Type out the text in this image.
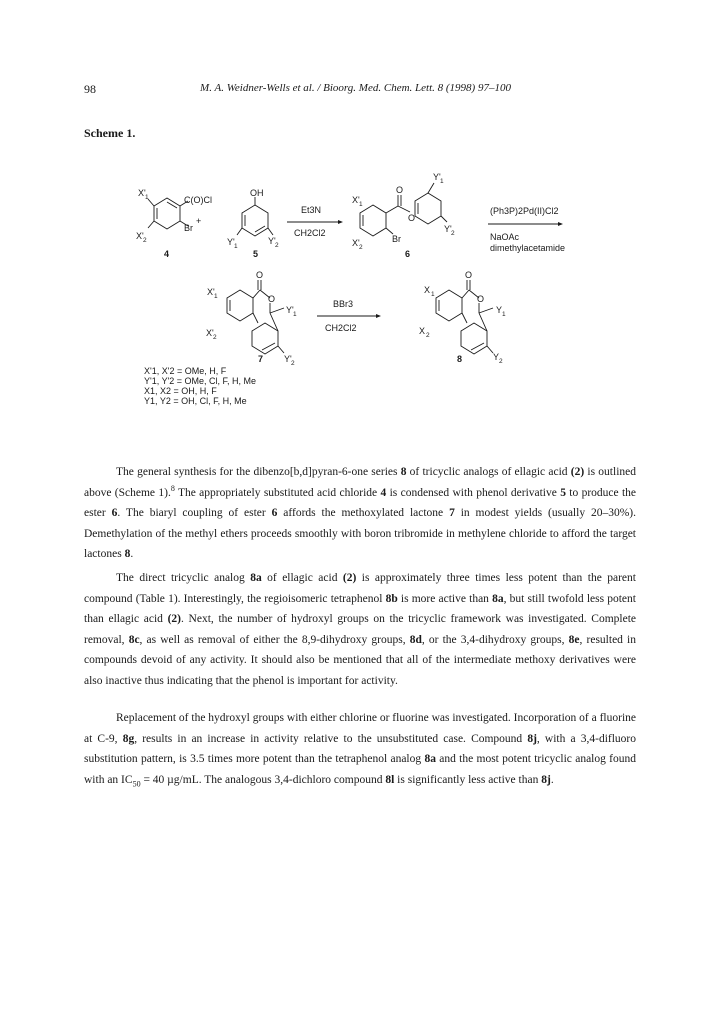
98	M. A. Weidner-Wells et al. / Bioorg. Med. Chem. Lett. 8 (1998) 97–100
Scheme 1.
C(O)Cl
Br
X' 1
X' 2
4
+
OH
Y' 1
Y' 2
5
Et3N
CH2Cl2
O
O
Br
X' 1
X' 2
Y' 1
Y' 2
6
(Ph3P)2Pd(II)Cl2
NaOAc
dimethylacetamide
O
O
X' 1
X' 2
Y' 1
Y' 2
7
BBr3
CH2Cl2
O
O
X 1
X 2
Y 1
Y 2
8
X'1, X'2 = OMe, H, F
Y'1, Y'2 = OMe, Cl, F, H, Me
X1, X2 = OH, H, F
Y1, Y2 = OH, Cl, F, H, Me

The general synthesis for the dibenzo[b,d]pyran-6-one series 8 of tricyclic analogs of ellagic acid (2) is outlined above (Scheme 1).$^8$ The appropriately substituted acid chloride 4 is condensed with phenol derivative 5 to produce the ester 6. The biaryl coupling of ester 6 affords the methoxylated lactone 7 in modest yields (usually 20–30%). Demethylation of the methyl ethers proceeds smoothly with boron tribromide in methylene chloride to afford the target lactones 8.

The direct tricyclic analog 8a of ellagic acid (2) is approximately three times less potent than the parent compound (Table 1). Interestingly, the regioisomeric tetraphenol 8b is more active than 8a, but still twofold less potent than ellagic acid (2). Next, the number of hydroxyl groups on the tricyclic framework was investigated. Complete removal, 8c, as well as removal of either the 8,9-dihydroxy groups, 8d, or the 3,4-dihydroxy groups, 8e, resulted in compounds devoid of any activity. It should also be mentioned that all of the intermediate methoxy derivatives were also inactive thus indicating that the phenol is important for activity.

Replacement of the hydroxyl groups with either chlorine or fluorine was investigated. Incorporation of a fluorine at C-9, 8g, results in an increase in activity relative to the unsubstituted case. Compound 8j, with a 3,4-difluoro substitution pattern, is 3.5 times more potent than the tetraphenol analog 8a and the most potent tricyclic analog found with an $IC_{50} = 40$ µg/mL. The analogous 3,4-dichloro compound 8l is significantly less active than 8j.
